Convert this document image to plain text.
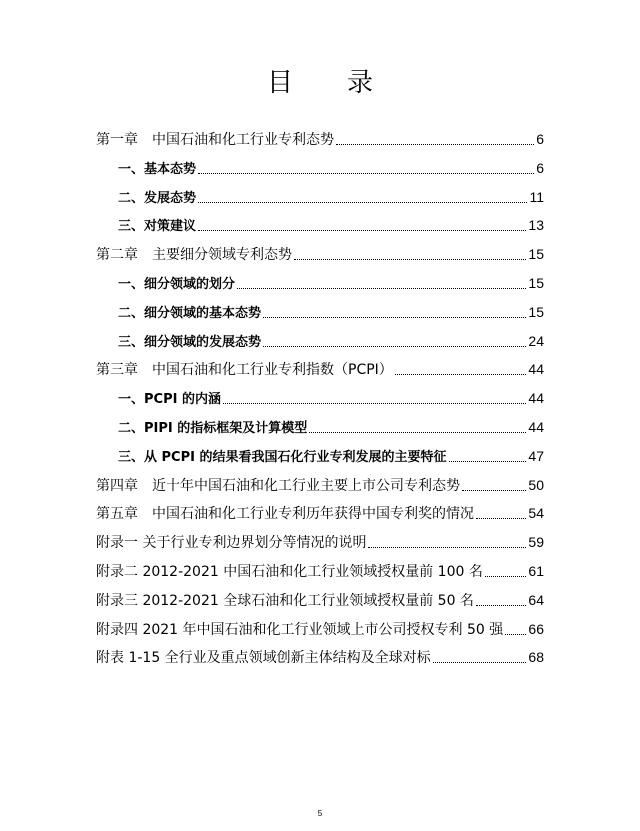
目　录
第一章　中国石油和化工行业专利态势	6
一、基本态势	6
二、发展态势	11
三、对策建议	13
第二章　主要细分领域专利态势	15
一、细分领域的划分	15
二、细分领域的基本态势	15
三、细分领域的发展态势	24
第三章　中国石油和化工行业专利指数（PCPI）	44
一、PCPI 的内涵	44
二、PIPI 的指标框架及计算模型	44
三、从 PCPI 的结果看我国石化行业专利发展的主要特征	47
第四章　近十年中国石油和化工行业主要上市公司专利态势	50
第五章　中国石油和化工行业专利历年获得中国专利奖的情况	54
附录一 关于行业专利边界划分等情况的说明	59
附录二 2012-2021 中国石油和化工行业领域授权量前 100 名	61
附录三 2012-2021 全球石油和化工行业领域授权量前 50 名	64
附录四 2021 年中国石油和化工行业领域上市公司授权专利 50 强 66
附表 1-15 全行业及重点领域创新主体结构及全球对标	68
5
